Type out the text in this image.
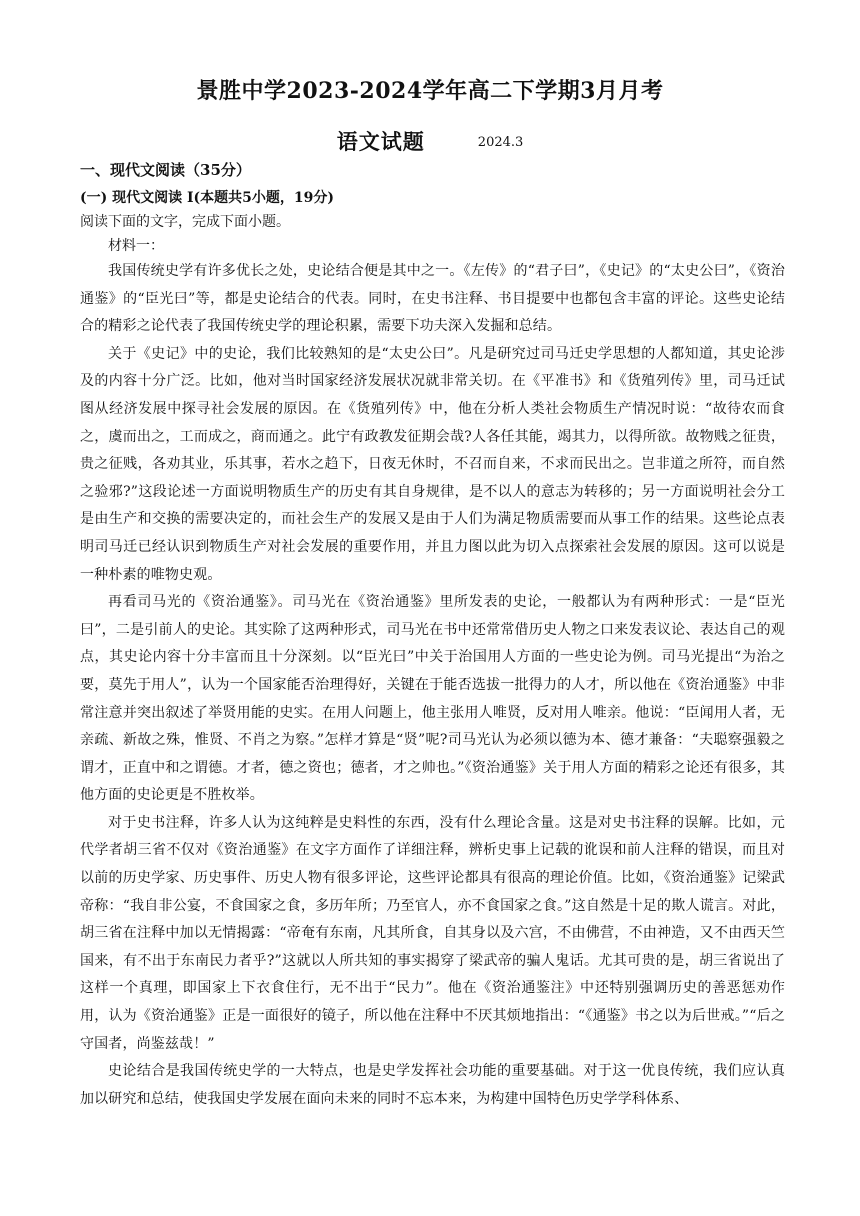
景胜中学2023-2024学年高二下学期3月月考
语文试题	2024.3
一、现代文阅读（35分）
(一) 现代文阅读 I(本题共5小题，19分)
阅读下面的文字，完成下面小题。
材料一：

我国传统史学有许多优长之处，史论结合便是其中之一。《左传》的“君子曰”，《史记》的“太史公曰”，《资治通鉴》的“臣光曰”等，都是史论结合的代表。同时，在史书注释、书目提要中也都包含丰富的评论。这些史论结合的精彩之论代表了我国传统史学的理论积累，需要下功夫深入发掘和总结。

关于《史记》中的史论，我们比较熟知的是“太史公曰”。凡是研究过司马迁史学思想的人都知道，其史论涉及的内容十分广泛。比如，他对当时国家经济发展状况就非常关切。在《平准书》和《货殖列传》里，司马迁试图从经济发展中探寻社会发展的原因。在《货殖列传》中，他在分析人类社会物质生产情况时说：“故待农而食之，虞而出之，工而成之，商而通之。此宁有政教发征期会哉?人各任其能，竭其力，以得所欲。故物贱之征贵，贵之征贱，各劝其业，乐其事，若水之趋下，日夜无休时，不召而自来，不求而民出之。岂非道之所符，而自然之验邪?”这段论述一方面说明物质生产的历史有其自身规律，是不以人的意志为转移的；另一方面说明社会分工是由生产和交换的需要决定的，而社会生产的发展又是由于人们为满足物质需要而从事工作的结果。这些论点表明司马迁已经认识到物质生产对社会发展的重要作用，并且力图以此为切入点探索社会发展的原因。这可以说是一种朴素的唯物史观。

再看司马光的《资治通鉴》。司马光在《资治通鉴》里所发表的史论，一般都认为有两种形式：一是“臣光曰”，二是引前人的史论。其实除了这两种形式，司马光在书中还常常借历史人物之口来发表议论、表达自己的观点，其史论内容十分丰富而且十分深刻。以“臣光曰”中关于治国用人方面的一些史论为例。司马光提出“为治之要，莫先于用人”，认为一个国家能否治理得好，关键在于能否选拔一批得力的人才，所以他在《资治通鉴》中非常注意并突出叙述了举贤用能的史实。在用人问题上，他主张用人唯贤，反对用人唯亲。他说：“臣闻用人者，无亲疏、新故之殊，惟贤、不肖之为察。”怎样才算是“贤”呢?司马光认为必须以德为本、德才兼备：“夫聪察强毅之谓才，正直中和之谓德。才者，德之资也；德者，才之帅也。”《资治通鉴》关于用人方面的精彩之论还有很多，其他方面的史论更是不胜枚举。

对于史书注释，许多人认为这纯粹是史料性的东西，没有什么理论含量。这是对史书注释的误解。比如，元代学者胡三省不仅对《资治通鉴》在文字方面作了详细注释，辨析史事上记载的讹误和前人注释的错误，而且对以前的历史学家、历史事件、历史人物有很多评论，这些评论都具有很高的理论价值。比如，《资治通鉴》记梁武帝称：“我自非公宴，不食国家之食，多历年所；乃至官人，亦不食国家之食。”这自然是十足的欺人谎言。对此，胡三省在注释中加以无情揭露：“帝奄有东南，凡其所食，自其身以及六宫，不由佛营，不由神造，又不由西天竺国来，有不出于东南民力者乎?”这就以人所共知的事实揭穿了梁武帝的骗人鬼话。尤其可贵的是，胡三省说出了这样一个真理，即国家上下衣食住行，无不出于“民力”。他在《资治通鉴注》中还特别强调历史的善恶惩劝作用，认为《资治通鉴》正是一面很好的镜子，所以他在注释中不厌其烦地指出：“《通鉴》书之以为后世戒。”“后之守国者，尚鉴兹哉！”

史论结合是我国传统史学的一大特点，也是史学发挥社会功能的重要基础。对于这一优良传统，我们应认真加以研究和总结，使我国史学发展在面向未来的同时不忘本来，为构建中国特色历史学学科体系、
